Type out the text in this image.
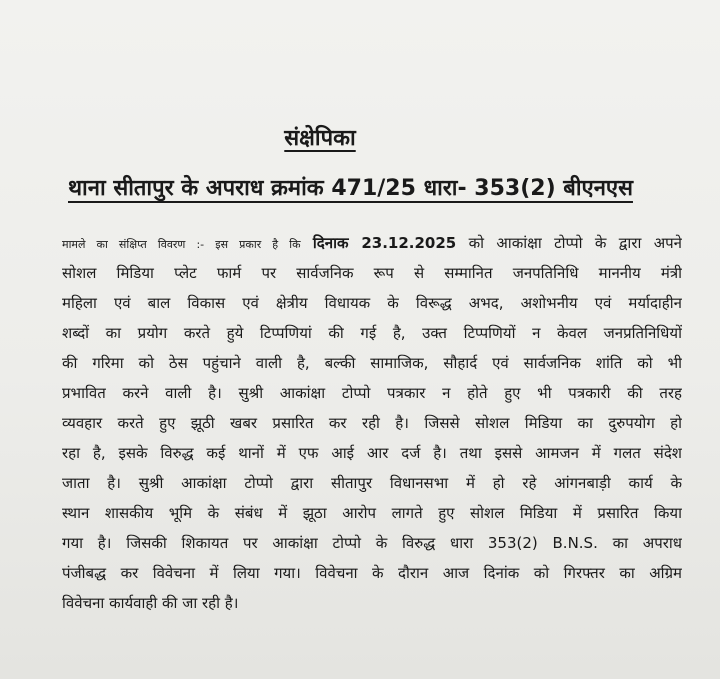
संक्षेपिका
थाना सीतापुर के अपराध क्रमांक 471/25 धारा- 353(2) बीएनएस
मामले का संक्षिप्त विवरण :- इस प्रकार है कि दिनाक 23.12.2025 को आकांक्षा टोप्पो के द्वारा अपने
सोशल मिडिया प्लेट फार्म पर सार्वजनिक रूप से सम्मानित जनपतिनिधि माननीय मंत्री
महिला एवं बाल विकास एवं क्षेत्रीय विधायक के विरूद्ध अभद, अशोभनीय एवं मर्यादाहीन
शब्दों का प्रयोग करते हुये टिप्पणियां की गई है, उक्त टिप्पणियों न केवल जनप्रतिनिधियों
की गरिमा को ठेस पहुंचाने वाली है, बल्की सामाजिक, सौहार्द एवं सार्वजनिक शांति को भी
प्रभावित करने वाली है। सुश्री आकांक्षा टोप्पो पत्रकार न होते हुए भी पत्रकारी की तरह
व्यवहार करते हुए झूठी खबर प्रसारित कर रही है। जिससे सोशल मिडिया का दुरुपयोग हो
रहा है, इसके विरुद्ध कई थानों में एफ आई आर दर्ज है। तथा इससे आमजन में गलत संदेश
जाता है। सुश्री आकांक्षा टोप्पो द्वारा सीतापुर विधानसभा में हो रहे आंगनबाड़ी कार्य के
स्थान शासकीय भूमि के संबंध में झूठा आरोप लागते हुए सोशल मिडिया में प्रसारित किया
गया है। जिसकी शिकायत पर आकांक्षा टोप्पो के विरुद्ध धारा 353(2) B.N.S. का अपराध
पंजीबद्ध कर विवेचना में लिया गया। विवेचना के दौरान आज दिनांक को गिरफ्तर का अग्रिम
विवेचना कार्यवाही की जा रही है।
